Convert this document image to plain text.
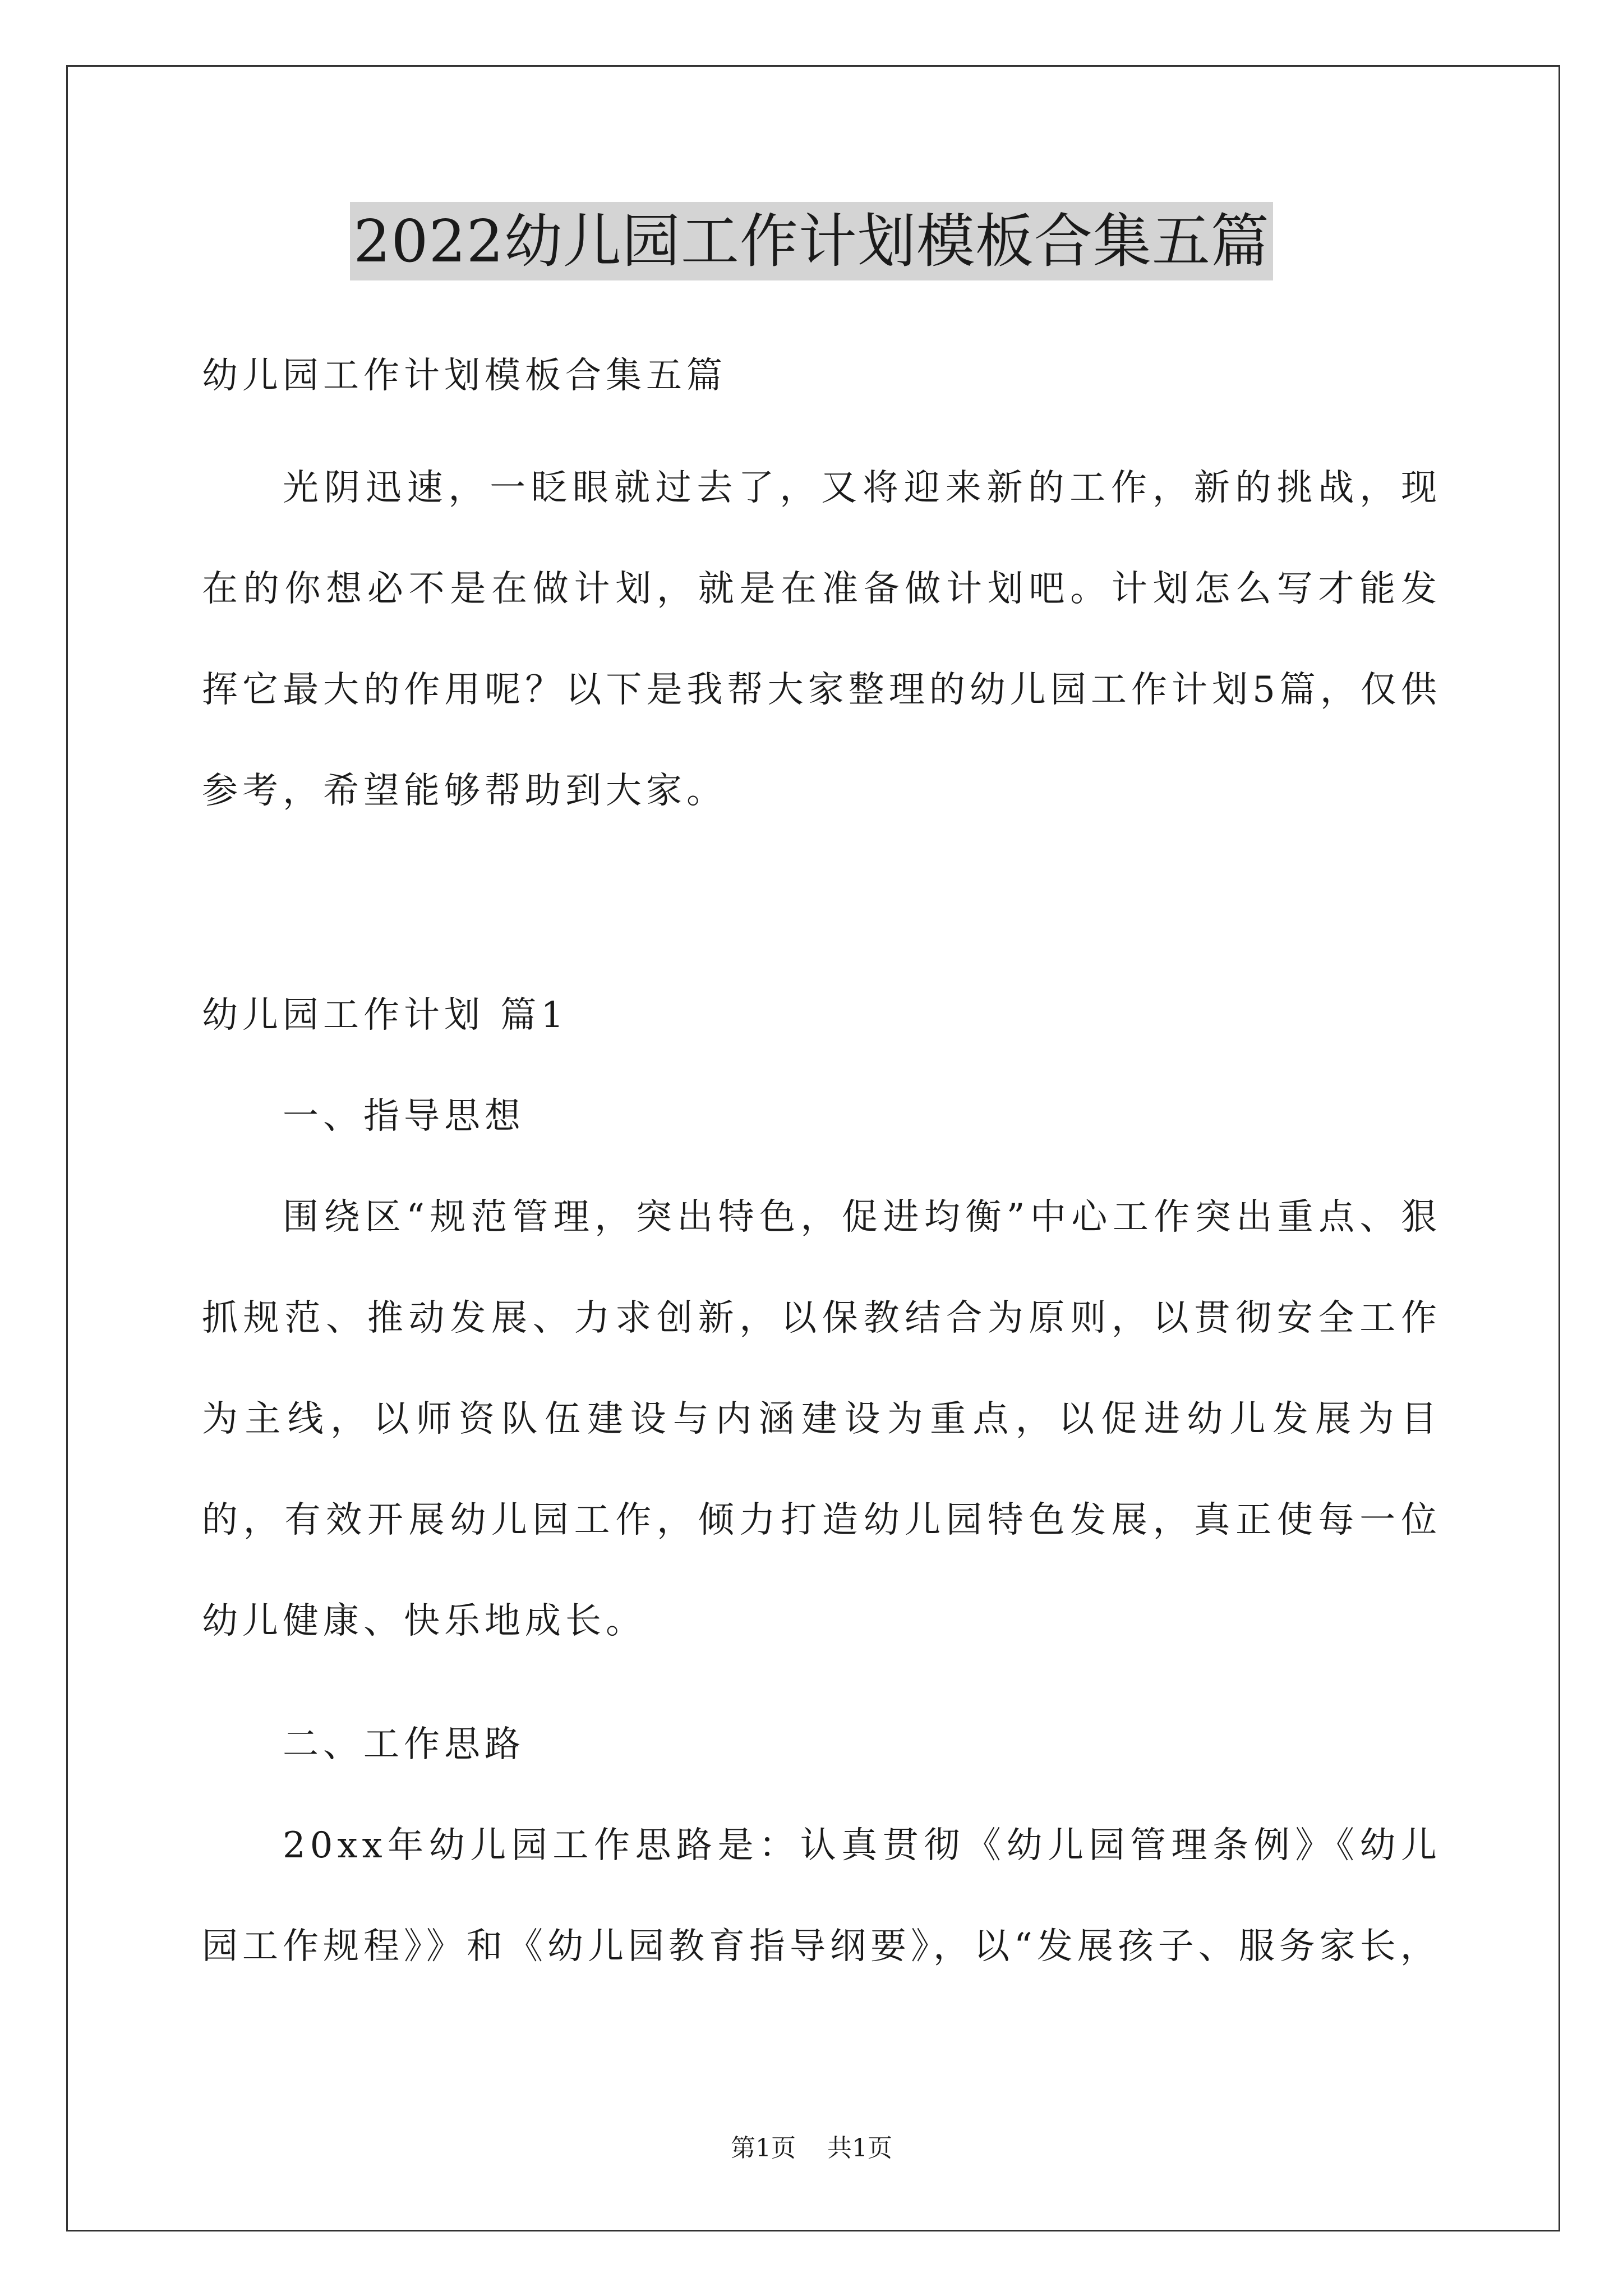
2022幼儿园工作计划模板合集五篇

幼儿园工作计划模板合集五篇

光阴迅速，一眨眼就过去了，又将迎来新的工作，新的挑战，现在的你想必不是在做计划，就是在准备做计划吧。计划怎么写才能发挥它最大的作用呢？以下是我帮大家整理的幼儿园工作计划5篇，仅供参考，希望能够帮助到大家。

幼儿园工作计划 篇1

一、指导思想

围绕区“规范管理，突出特色，促进均衡”中心工作突出重点、狠抓规范、推动发展、力求创新，以保教结合为原则，以贯彻安全工作为主线，以师资队伍建设与内涵建设为重点，以促进幼儿发展为目的，有效开展幼儿园工作，倾力打造幼儿园特色发展，真正使每一位幼儿健康、快乐地成长。

二、工作思路

20xx年幼儿园工作思路是：认真贯彻《幼儿园管理条例》《幼儿园工作规程》》和《幼儿园教育指导纲要》，以“发展孩子、服务家长，

第1页 共1页
